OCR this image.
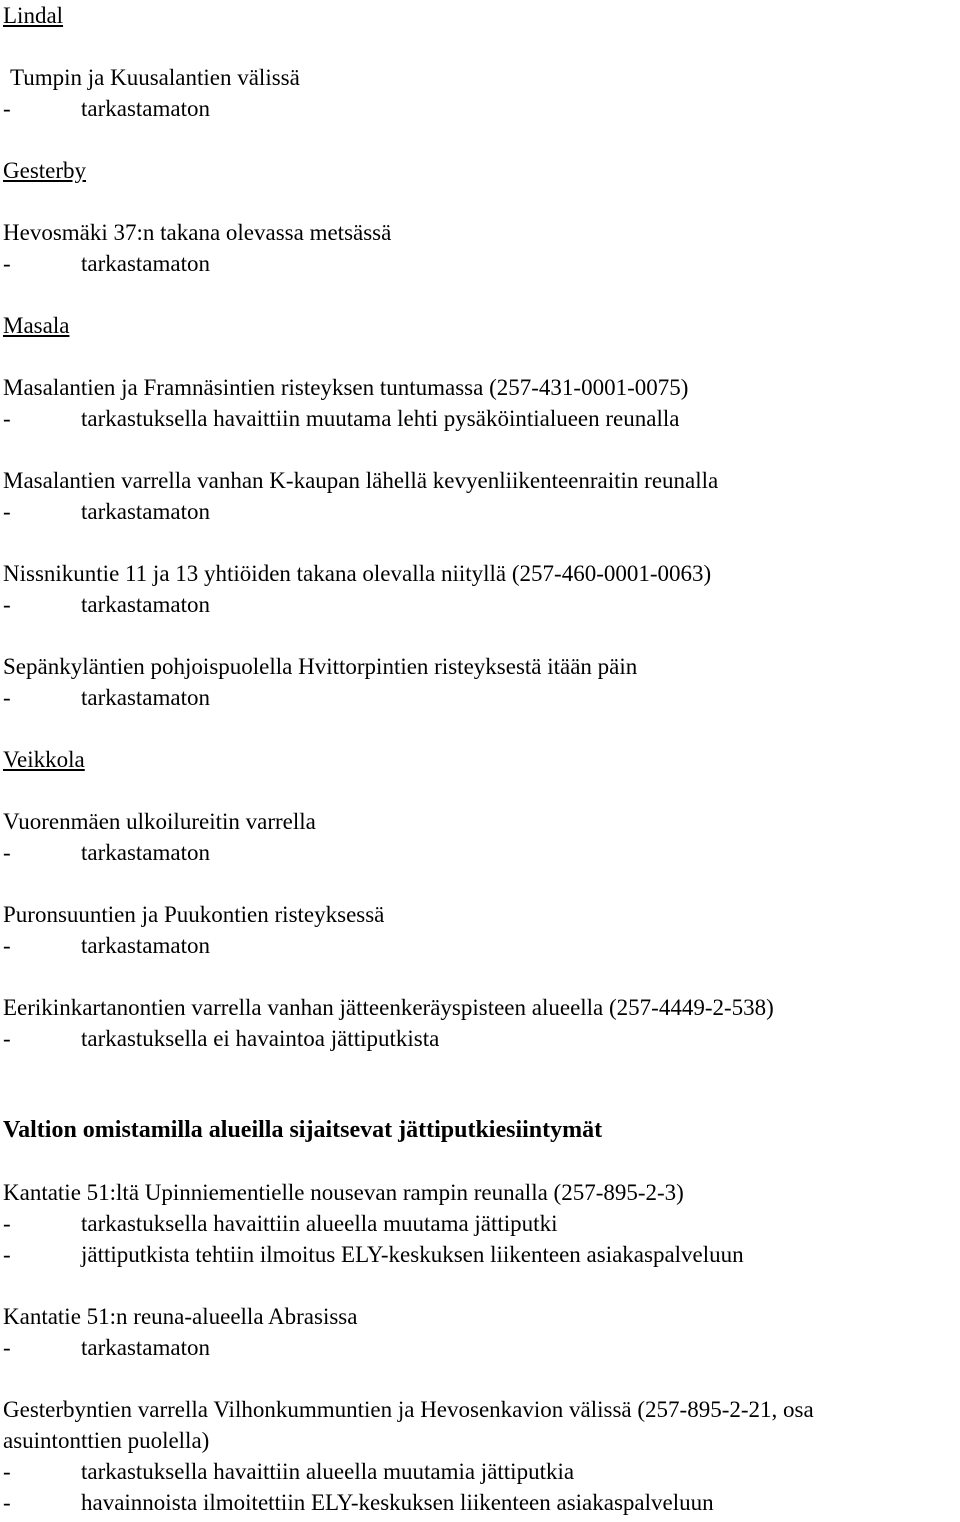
Lindal
Tumpin ja Kuusalantien välissä
-	tarkastamaton
Gesterby
Hevosmäki 37:n takana olevassa metsässä
-	tarkastamaton
Masala
Masalantien ja Framnäsintien risteyksen tuntumassa (257-431-0001-0075)
-	tarkastuksella havaittiin muutama lehti pysäköintialueen reunalla
Masalantien varrella vanhan K-kaupan lähellä kevyenliikenteenraitin reunalla
-	tarkastamaton
Nissnikuntie 11 ja 13 yhtiöiden takana olevalla niityllä (257-460-0001-0063)
-	tarkastamaton
Sepänkyläntien pohjoispuolella Hvittorpintien risteyksestä itään päin
-	tarkastamaton
Veikkola
Vuorenmäen ulkoilureitin varrella
-	tarkastamaton
Puronsuuntien ja Puukontien risteyksessä
-	tarkastamaton
Eerikinkartanontien varrella vanhan jätteenkeräyspisteen alueella (257-4449-2-538)
-	tarkastuksella ei havaintoa jättiputkista
Valtion omistamilla alueilla sijaitsevat jättiputkiesiintymät
Kantatie 51:ltä Upinniementielle nousevan rampin reunalla (257-895-2-3)
-	tarkastuksella havaittiin alueella muutama jättiputki
-	jättiputkista tehtiin ilmoitus ELY-keskuksen liikenteen asiakaspalveluun
Kantatie 51:n reuna-alueella Abrasissa
-	tarkastamaton
Gesterbyntien varrella Vilhonkummuntien ja Hevosenkavion välissä (257-895-2-21, osa
asuintonttien puolella)
-	tarkastuksella havaittiin alueella muutamia jättiputkia
-	havainnoista ilmoitettiin ELY-keskuksen liikenteen asiakaspalveluun
